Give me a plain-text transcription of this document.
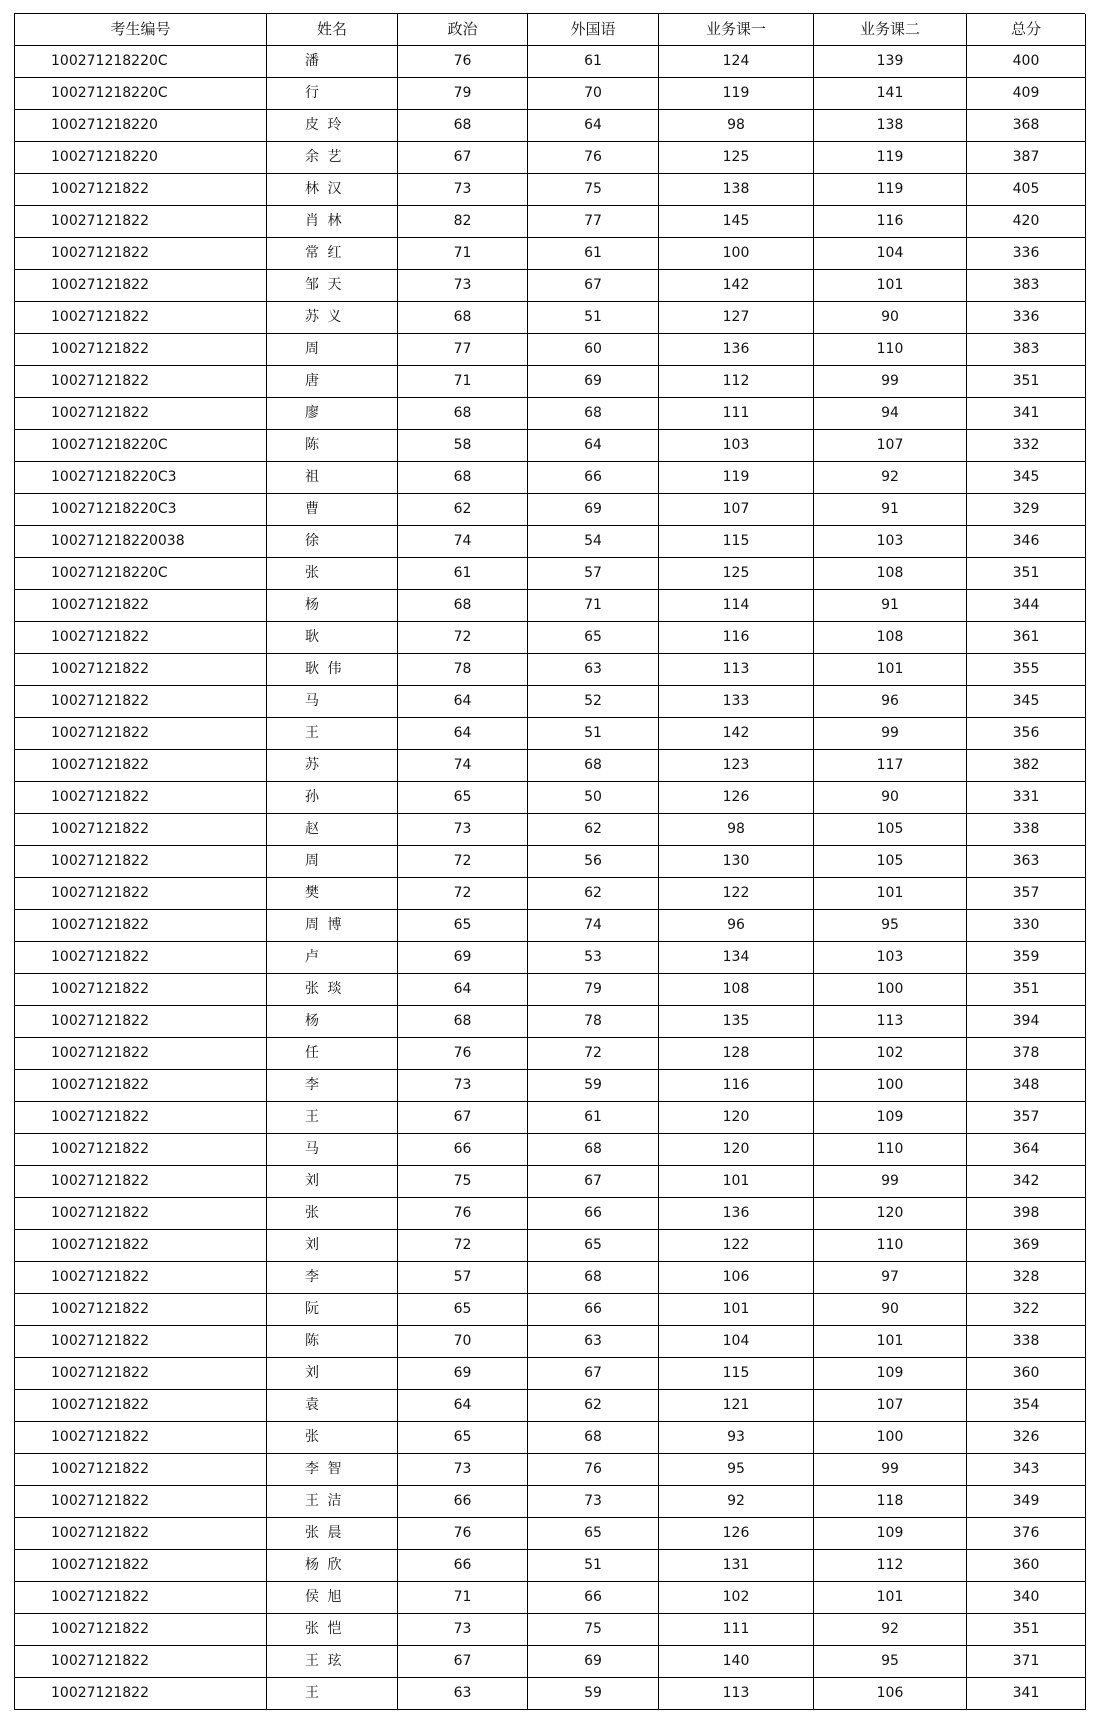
考生编号	姓名	政治	外国语	业务课一	业务课二	总分
100271218220C	潘	76	61	124	139	400
100271218220C	行	79	70	119	141	409
100271218220	皮 玲	68	64	98	138	368
100271218220	余 艺	67	76	125	119	387
10027121822	林 汉	73	75	138	119	405
10027121822	肖 林	82	77	145	116	420
10027121822	常 红	71	61	100	104	336
10027121822	邹 天	73	67	142	101	383
10027121822	苏 义	68	51	127	90	336
10027121822	周	77	60	136	110	383
10027121822	唐	71	69	112	99	351
10027121822	廖	68	68	111	94	341
100271218220C	陈	58	64	103	107	332
100271218220C3	祖	68	66	119	92	345
100271218220C3	曹	62	69	107	91	329
100271218220038	徐	74	54	115	103	346
100271218220C	张	61	57	125	108	351
10027121822	杨	68	71	114	91	344
10027121822	耿	72	65	116	108	361
10027121822	耿 伟	78	63	113	101	355
10027121822	马	64	52	133	96	345
10027121822	王	64	51	142	99	356
10027121822	苏	74	68	123	117	382
10027121822	孙	65	50	126	90	331
10027121822	赵	73	62	98	105	338
10027121822	周	72	56	130	105	363
10027121822	樊	72	62	122	101	357
10027121822	周 博	65	74	96	95	330
10027121822	卢	69	53	134	103	359
10027121822	张 琰	64	79	108	100	351
10027121822	杨	68	78	135	113	394
10027121822	任	76	72	128	102	378
10027121822	李	73	59	116	100	348
10027121822	王	67	61	120	109	357
10027121822	马	66	68	120	110	364
10027121822	刘	75	67	101	99	342
10027121822	张	76	66	136	120	398
10027121822	刘	72	65	122	110	369
10027121822	李	57	68	106	97	328
10027121822	阮	65	66	101	90	322
10027121822	陈	70	63	104	101	338
10027121822	刘	69	67	115	109	360
10027121822	袁	64	62	121	107	354
10027121822	张	65	68	93	100	326
10027121822	李 智	73	76	95	99	343
10027121822	王 洁	66	73	92	118	349
10027121822	张 晨	76	65	126	109	376
10027121822	杨 欣	66	51	131	112	360
10027121822	侯 旭	71	66	102	101	340
10027121822	张 恺	73	75	111	92	351
10027121822	王 玹	67	69	140	95	371
10027121822	王	63	59	113	106	341
